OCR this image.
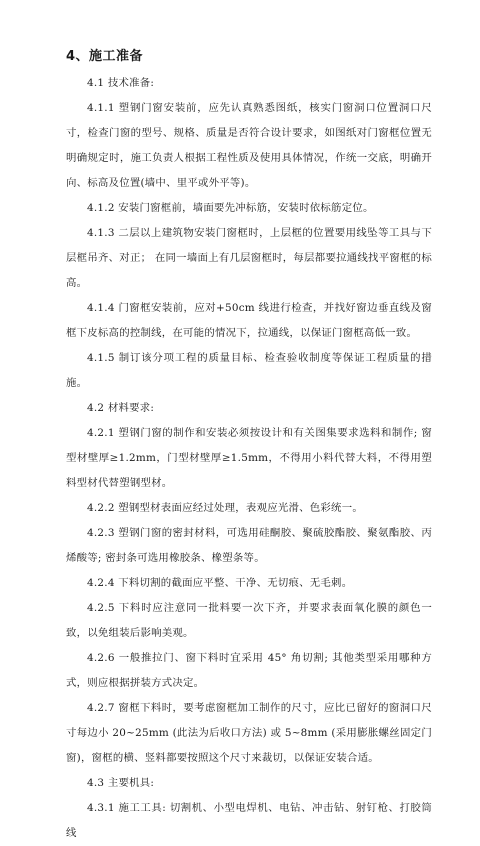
4、施工准备

4.1 技术准备:

4.1.1 塑钢门窗安装前，应先认真熟悉图纸，核实门窗洞口位置洞口尺寸，检查门窗的型号、规格、质量是否符合设计要求，如图纸对门窗框位置无明确规定时，施工负责人根据工程性质及使用具体情况，作统一交底，明确开向、标高及位置(墙中、里平或外平等)。

4.1.2 安装门窗框前，墙面要先冲标筋，安装时依标筋定位。

4.1.3 二层以上建筑物安装门窗框时，上层框的位置要用线坠等工具与下层框吊齐、对正； 在同一墙面上有几层窗框时，每层都要拉通线找平窗框的标高。

4.1.4 门窗框安装前，应对+50cm 线进行检查，并找好窗边垂直线及窗框下皮标高的控制线，在可能的情况下，拉通线，以保证门窗框高低一致。

4.1.5 制订该分项工程的质量目标、检查验收制度等保证工程质量的措施。

4.2 材料要求:

4.2.1 塑钢门窗的制作和安装必须按设计和有关图集要求选料和制作; 窗型材壁厚≥1.2mm，门型材壁厚≥1.5mm，不得用小料代替大料，不得用塑料型材代替塑钢型材。

4.2.2 塑钢型材表面应经过处理，表观应光滑、色彩统一。

4.2.3 塑钢门窗的密封材料，可选用硅酮胶、聚硫胶酯胶、聚氨酯胶、丙烯酸等; 密封条可选用橡胶条、橡塑条等。

4.2.4 下料切割的截面应平整、干净、无切痕、无毛刺。

4.2.5 下料时应注意同一批料要一次下齐，并要求表面氧化膜的颜色一致，以免组装后影响美观。

4.2.6 一般推拉门、窗下料时宜采用 45° 角切割; 其他类型采用哪种方式，则应根据拼装方式决定。

4.2.7 窗框下料时，要考虑窗框加工制作的尺寸，应比已留好的窗洞口尺寸每边小 20~25mm (此法为后收口方法) 或 5~8mm (采用膨胀螺丝固定门窗)，窗框的横、竖料都要按照这个尺寸来裁切，以保证安装合适。

4.3 主要机具:

4.3.1 施工工具: 切割机、小型电焊机、电钻、冲击钻、射钉枪、打胶筒线
